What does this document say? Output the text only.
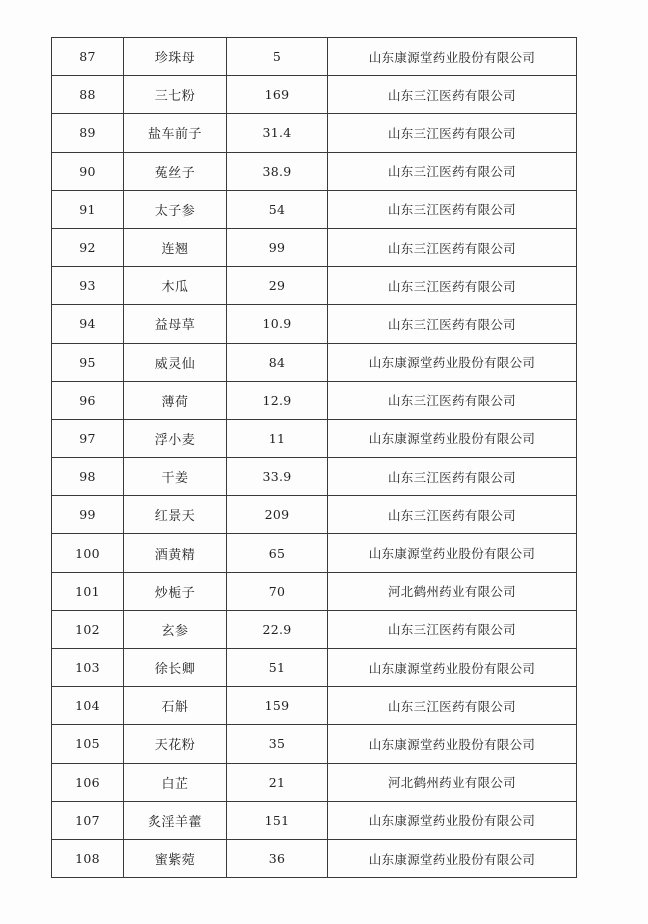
87	珍珠母	5	山东康源堂药业股份有限公司
88	三七粉	169	山东三江医药有限公司
89	盐车前子	31.4	山东三江医药有限公司
90	菟丝子	38.9	山东三江医药有限公司
91	太子参	54	山东三江医药有限公司
92	连翘	99	山东三江医药有限公司
93	木瓜	29	山东三江医药有限公司
94	益母草	10.9	山东三江医药有限公司
95	威灵仙	84	山东康源堂药业股份有限公司
96	薄荷	12.9	山东三江医药有限公司
97	浮小麦	11	山东康源堂药业股份有限公司
98	干姜	33.9	山东三江医药有限公司
99	红景天	209	山东三江医药有限公司
100	酒黄精	65	山东康源堂药业股份有限公司
101	炒栀子	70	河北鹤州药业有限公司
102	玄参	22.9	山东三江医药有限公司
103	徐长卿	51	山东康源堂药业股份有限公司
104	石斛	159	山东三江医药有限公司
105	天花粉	35	山东康源堂药业股份有限公司
106	白芷	21	河北鹤州药业有限公司
107	炙淫羊藿	151	山东康源堂药业股份有限公司
108	蜜紫菀	36	山东康源堂药业股份有限公司
